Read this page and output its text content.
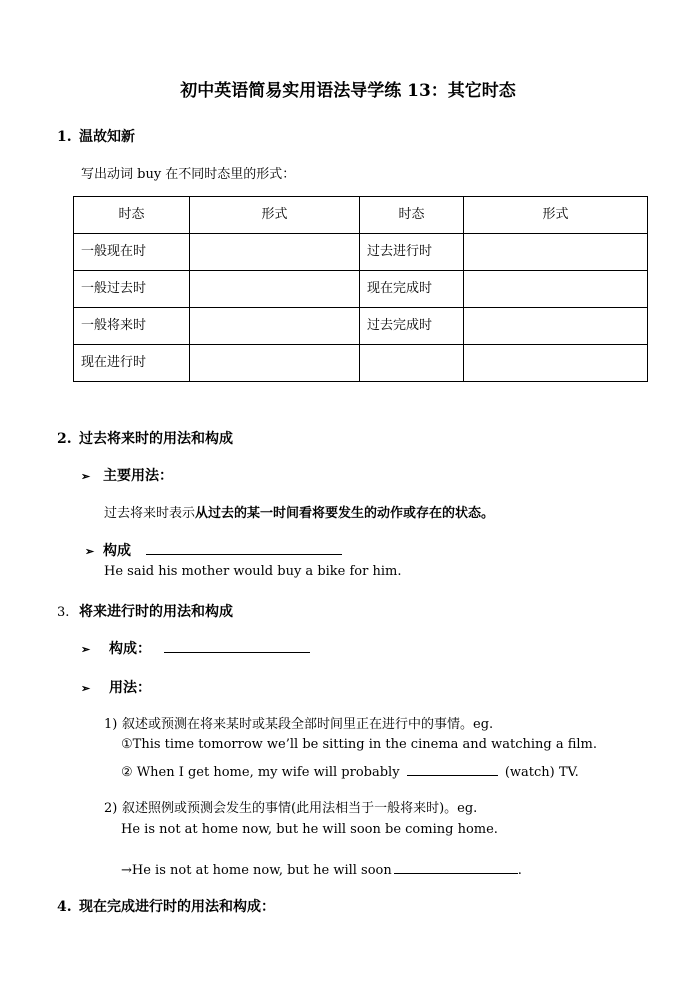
初中英语简易实用语法导学练 13：其它时态
1. 温故知新
写出动词 buy 在不同时态里的形式：
时态	形式	时态	形式
一般现在时		过去进行时	
一般过去时		现在完成时	
一般将来时		过去完成时	
现在进行时			
2. 过去将来时的用法和构成
➢ 主要用法：
过去将来时表示从过去的某一时间看将要发生的动作或存在的状态。
➢ 构成
He said his mother would buy a bike for him.
3. 将来进行时的用法和构成
➢ 构成：
➢ 用法：
1) 叙述或预测在将来某时或某段全部时间里正在进行中的事情。eg.
①This time tomorrow we’ll be sitting in the cinema and watching a film.
② When I get home, my wife will probably	(watch) TV.
2) 叙述照例或预测会发生的事情(此用法相当于一般将来时)。eg.
He is not at home now, but he will soon be coming home.
→He is not at home now, but he will soon	.
4. 现在完成进行时的用法和构成：
